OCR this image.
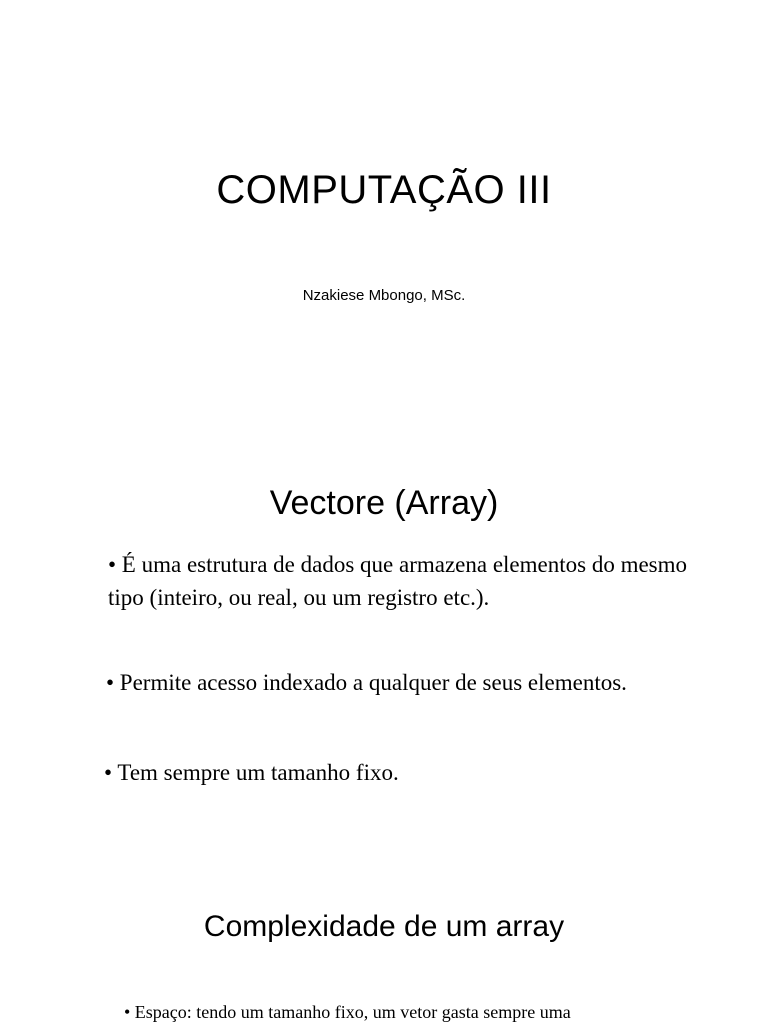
COMPUTAÇÃO III

Nzakiese Mbongo, MSc.

Vectore (Array)

• É uma estrutura de dados que armazena elementos do mesmo tipo (inteiro, ou real, ou um registro etc.).

• Permite acesso indexado a qualquer de seus elementos.

• Tem sempre um tamanho fixo.

Complexidade de um array

• Espaço: tendo um tamanho fixo, um vetor gasta sempre uma
